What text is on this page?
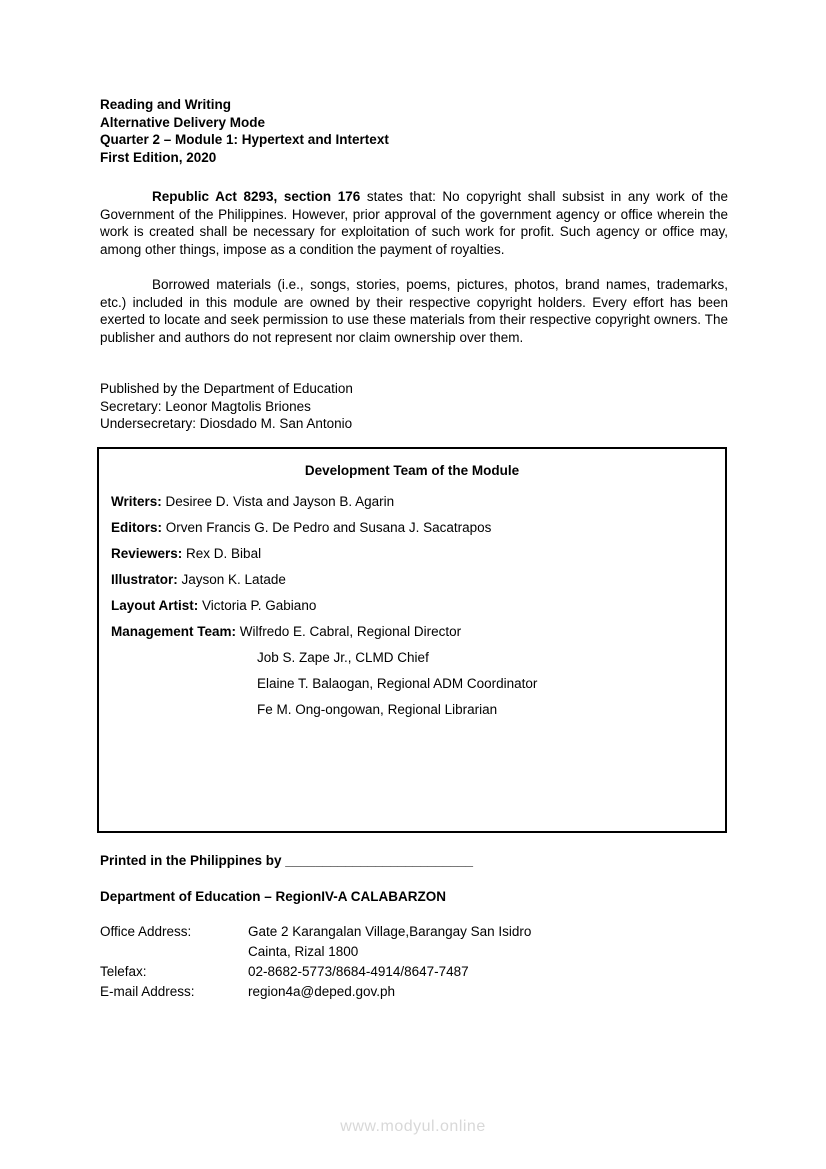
Reading and Writing
Alternative Delivery Mode
Quarter 2 – Module 1: Hypertext and Intertext
First Edition, 2020

Republic Act 8293, section 176 states that: No copyright shall subsist in any work of the Government of the Philippines. However, prior approval of the government agency or office wherein the work is created shall be necessary for exploitation of such work for profit. Such agency or office may, among other things, impose as a condition the payment of royalties.

Borrowed materials (i.e., songs, stories, poems, pictures, photos, brand names, trademarks, etc.) included in this module are owned by their respective copyright holders. Every effort has been exerted to locate and seek permission to use these materials from their respective copyright owners. The publisher and authors do not represent nor claim ownership over them.

Published by the Department of Education
Secretary: Leonor Magtolis Briones
Undersecretary: Diosdado M. San Antonio
Development Team of the Module
Writers: Desiree D. Vista and Jayson B. Agarin
Editors: Orven Francis G. De Pedro and Susana J. Sacatrapos
Reviewers: Rex D. Bibal
Illustrator: Jayson K. Latade
Layout Artist: Victoria P. Gabiano
Management Team: Wilfredo E. Cabral, Regional Director
Job S. Zape Jr., CLMD Chief
Elaine T. Balaogan, Regional ADM Coordinator
Fe M. Ong-ongowan, Regional Librarian
Printed in the Philippines by _________________________
Department of Education – RegionIV-A CALABARZON
Office Address:	Gate 2 Karangalan Village,Barangay San Isidro
Cainta, Rizal 1800
Telefax:	02-8682-5773/8684-4914/8647-7487
E-mail Address:	region4a@deped.gov.ph
www.modyul.online
